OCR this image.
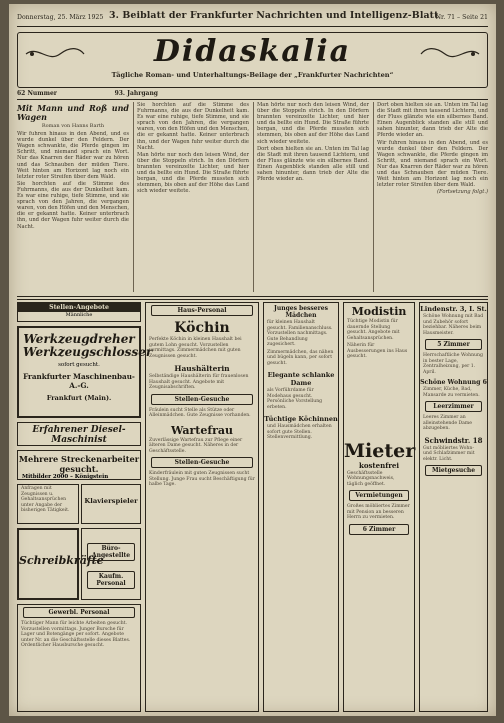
Donnerstag, 25. März 1925 3. Beiblatt der Frankfurter Nachrichten und Intelligenz-Blatt
Nr. 71 – Seite 21
Didaskalia
Tägliche Roman- und Unterhaltungs-Beilage der „Frankfurter Nachrichten“
62 Nummer	93. Jahrgang
Mit Mann und Roß und Wagen
Roman von Hanns Barth

Wir fuhren hinaus in den Abend, und es wurde dunkel über den Feldern. Der Wagen schwankte, die Pferde gingen im Schritt, und niemand sprach ein Wort. Nur das Knarren der Räder war zu hören und das Schnauben der müden Tiere. Weit hinten am Horizont lag noch ein letzter roter Streifen über dem Wald.

Sie horchten auf die Stimme des Fuhrmanns, die aus der Dunkelheit kam. Es war eine ruhige, tiefe Stimme, und sie sprach von den Jahren, die vergangen waren, von den Höfen und den Menschen, die er gekannt hatte. Keiner unterbrach ihn, und der Wagen fuhr weiter durch die Nacht.

Sie horchten auf die Stimme des Fuhrmanns, die aus der Dunkelheit kam. Es war eine ruhige, tiefe Stimme, und sie sprach von den Jahren, die vergangen waren, von den Höfen und den Menschen, die er gekannt hatte. Keiner unterbrach ihn, und der Wagen fuhr weiter durch die Nacht.

Man hörte nur noch den leisen Wind, der über die Stoppeln strich. In den Dörfern brannten vereinzelte Lichter, und hier und da bellte ein Hund. Die Straße führte bergan, und die Pferde mussten sich stemmen, bis oben auf der Höhe das Land sich wieder weitete.

Man hörte nur noch den leisen Wind, der über die Stoppeln strich. In den Dörfern brannten vereinzelte Lichter, und hier und da bellte ein Hund. Die Straße führte bergan, und die Pferde mussten sich stemmen, bis oben auf der Höhe das Land sich wieder weitete.

Dort oben hielten sie an. Unten im Tal lag die Stadt mit ihren tausend Lichtern, und der Fluss glänzte wie ein silbernes Band. Einen Augenblick standen alle still und sahen hinunter, dann trieb der Alte die Pferde wieder an.

Dort oben hielten sie an. Unten im Tal lag die Stadt mit ihren tausend Lichtern, und der Fluss glänzte wie ein silbernes Band. Einen Augenblick standen alle still und sahen hinunter, dann trieb der Alte die Pferde wieder an.

Wir fuhren hinaus in den Abend, und es wurde dunkel über den Feldern. Der Wagen schwankte, die Pferde gingen im Schritt, und niemand sprach ein Wort. Nur das Knarren der Räder war zu hören und das Schnauben der müden Tiere. Weit hinten am Horizont lag noch ein letzter roter Streifen über dem Wald.

(Fortsetzung folgt.)

Stellen-Angebote
Männliche
Werkzeugdreher Werkzeugschlosser
sofort gesucht.
Frankfurter Maschinenbau-A.-G.
Frankfurt (Main).
Erfahrener Diesel-Maschinist
Mehrere Streckenarbeiter gesucht.
Mitbilder 2000 – Königstein
Anfragen mit Zeugnissen u. Gehaltsansprüchen unter Angabe der bisherigen Tätigkeit.
Klavierspieler
Schreibkräfte
Büro-Angestellte
Kaufm. Personal
Gewerbl. Personal
Tüchtiger Mann für leichte Arbeiten gesucht. Vorzustellen vormittags. Junger Bursche für Lager und Botengänge per sofort. Angebote unter Nr. an die Geschäftsstelle dieses Blattes. Ordentlicher Hausbursche gesucht.
Haus-Personal
Köchin
Perfekte Köchin in kleinen Haushalt bei gutem Lohn gesucht. Vorzustellen vormittags. Zimmermädchen mit guten Zeugnissen gesucht.
Haushälterin
Selbständige Haushälterin für frauenlosen Haushalt gesucht. Angebote mit Zeugnisabschriften.
Stellen-Gesuche
Fräulein sucht Stelle als Stütze oder Alleinmädchen. Gute Zeugnisse vorhanden.
Wartefrau
Zuverlässige Wartefrau zur Pflege einer älteren Dame gesucht. Näheres in der Geschäftsstelle.
Stellen-Gesuche
Kinderfräulein mit guten Zeugnissen sucht Stellung. Junge Frau sucht Beschäftigung für halbe Tage.
Junges besseres Mädchen
für kleinen Haushalt gesucht. Familienanschluss. Vorzustellen nachmittags. Gute Behandlung zugesichert.
Zimmermädchen, das nähen und bügeln kann, per sofort gesucht.
Elegante schlanke Dame
als Vorführdame für Modehaus gesucht. Persönliche Vorstellung erbeten.
Tüchtige Köchinnen
und Hausmädchen erhalten sofort gute Stellen. Stellenvermittlung.
Modistin
Tüchtige Modistin für dauernde Stellung gesucht. Angebote mit Gehaltsansprüchen.
Näherin für Ausbesserungen ins Haus gesucht.
Mieter
kostenfrei
Geschäftsstelle Wohnungsnachweis, täglich geöffnet.
Vermietungen
Großes möbliertes Zimmer mit Pension an besseren Herrn zu vermieten.
6 Zimmer
Lindenstr. 3, I. St.
Schöne Wohnung mit Bad und Zubehör sofort beziehbar. Näheres beim Hausmeister.
5 Zimmer
Herrschaftliche Wohnung in bester Lage, Zentralheizung, per 1. April.
Schöne Wohnung 6
Zimmer, Küche, Bad, Mansarde zu vermieten.
Leerzimmer
Leeres Zimmer an alleinstehende Dame abzugeben.
Schwindstr. 18
Gut möbliertes Wohn- und Schlafzimmer mit elektr. Licht.
Mietgesuche
